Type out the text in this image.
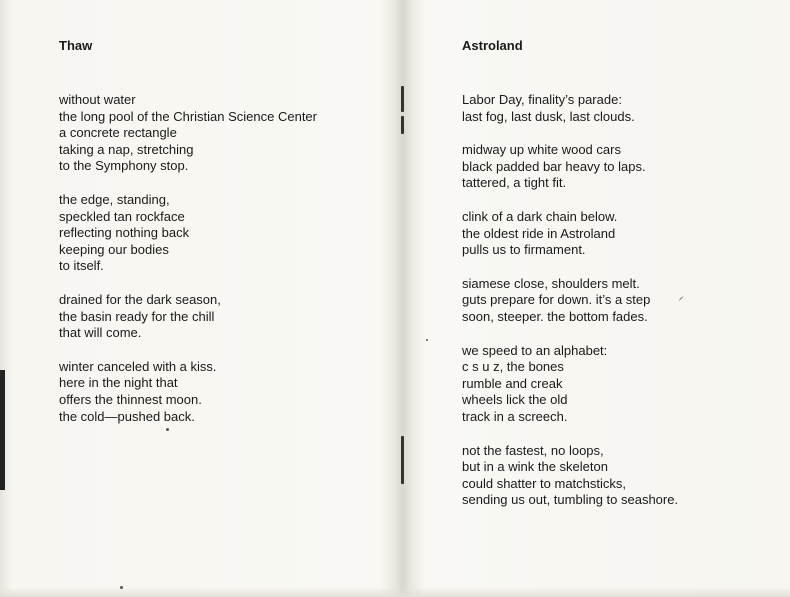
Thaw
without water
the long pool of the Christian Science Center
a concrete rectangle
taking a nap, stretching
to the Symphony stop.
the edge, standing,
speckled tan rockface
reflecting nothing back
keeping our bodies
to itself.
drained for the dark season,
the basin ready for the chill
that will come.
winter canceled with a kiss.
here in the night that
offers the thinnest moon.
the cold—pushed back.
Astroland
Labor Day, finality’s parade:
last fog, last dusk, last clouds.
midway up white wood cars
black padded bar heavy to laps.
tattered, a tight fit.
clink of a dark chain below.
the oldest ride in Astroland
pulls us to firmament.
siamese close, shoulders melt.
guts prepare for down. it’s a step
soon, steeper. the bottom fades.
we speed to an alphabet:
c s u z, the bones
rumble and creak
wheels lick the old
track in a screech.
not the fastest, no loops,
but in a wink the skeleton
could shatter to matchsticks,
sending us out, tumbling to seashore.
